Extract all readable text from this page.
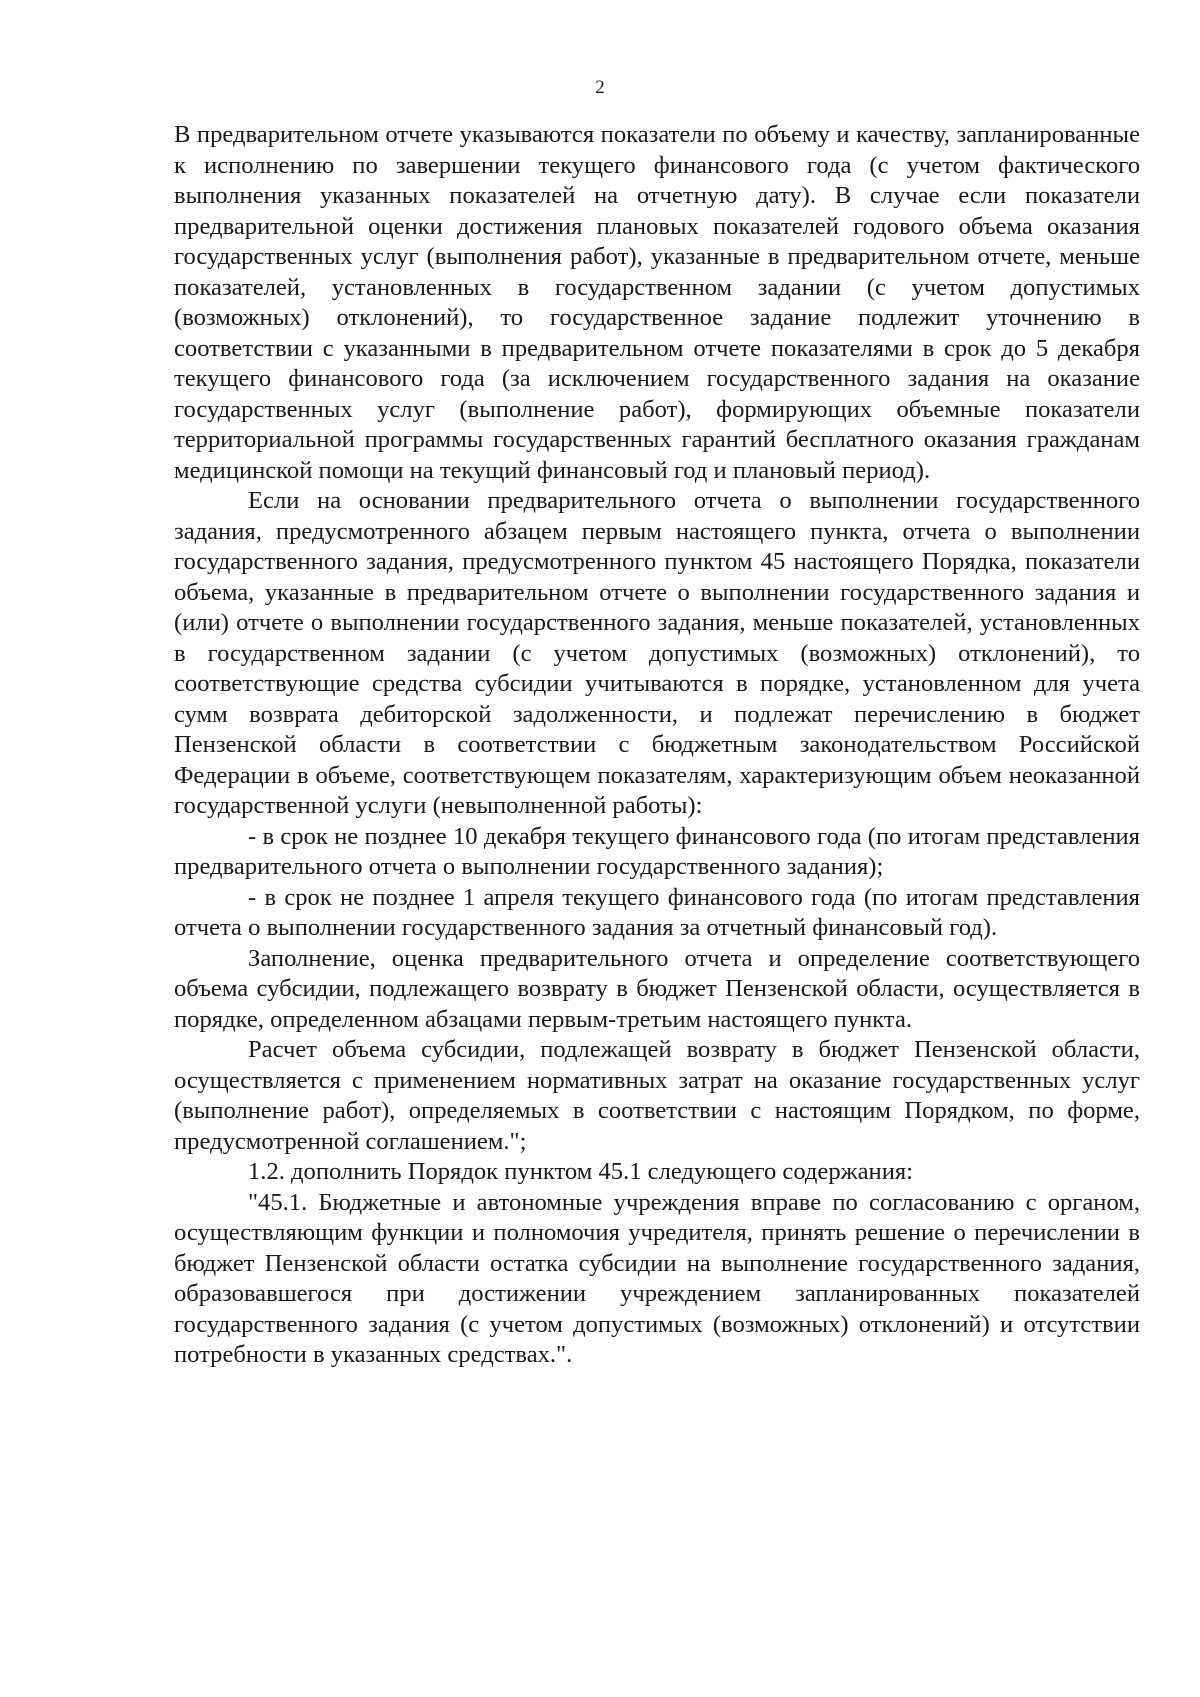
2

В предварительном отчете указываются показатели по объему и качеству, запланированные к исполнению по завершении текущего финансового года (с учетом фактического выполнения указанных показателей на отчетную дату). В случае если показатели предварительной оценки достижения плановых показателей годового объема оказания государственных услуг (выполнения работ), указанные в предварительном отчете, меньше показателей, установленных в государственном задании (с учетом допустимых (возможных) отклонений), то государственное задание подлежит уточнению в соответствии с указанными в предварительном отчете показателями в срок до 5 декабря текущего финансового года (за исключением государственного задания на оказание государственных услуг (выполнение работ), формирующих объемные показатели территориальной программы государственных гарантий бесплатного оказания гражданам медицинской помощи на текущий финансовый год и плановый период).

Если на основании предварительного отчета о выполнении государственного задания, предусмотренного абзацем первым настоящего пункта, отчета о выполнении государственного задания, предусмотренного пунктом 45 настоящего Порядка, показатели объема, указанные в предварительном отчете о выполнении государственного задания и (или) отчете о выполнении государственного задания, меньше показателей, установленных в государственном задании (с учетом допустимых (возможных) отклонений), то соответствующие средства субсидии учитываются в порядке, установленном для учета сумм возврата дебиторской задолженности, и подлежат перечислению в бюджет Пензенской области в соответствии с бюджетным законодательством Российской Федерации в объеме, соответствующем показателям, характеризующим объем неоказанной государственной услуги (невыполненной работы):

- в срок не позднее 10 декабря текущего финансового года (по итогам представления предварительного отчета о выполнении государственного задания);

- в срок не позднее 1 апреля текущего финансового года (по итогам представления отчета о выполнении государственного задания за отчетный финансовый год).

Заполнение, оценка предварительного отчета и определение соответствующего объема субсидии, подлежащего возврату в бюджет Пензенской области, осуществляется в порядке, определенном абзацами первым-третьим настоящего пункта.

Расчет объема субсидии, подлежащей возврату в бюджет Пензенской области, осуществляется с применением нормативных затрат на оказание государственных услуг (выполнение работ), определяемых в соответствии с настоящим Порядком, по форме, предусмотренной соглашением.";

1.2. дополнить Порядок пунктом 45.1 следующего содержания:

"45.1. Бюджетные и автономные учреждения вправе по согласованию с органом, осуществляющим функции и полномочия учредителя, принять решение о перечислении в бюджет Пензенской области остатка субсидии на выполнение государственного задания, образовавшегося при достижении учреждением запланированных показателей государственного задания (с учетом допустимых (возможных) отклонений) и отсутствии потребности в указанных средствах.".
